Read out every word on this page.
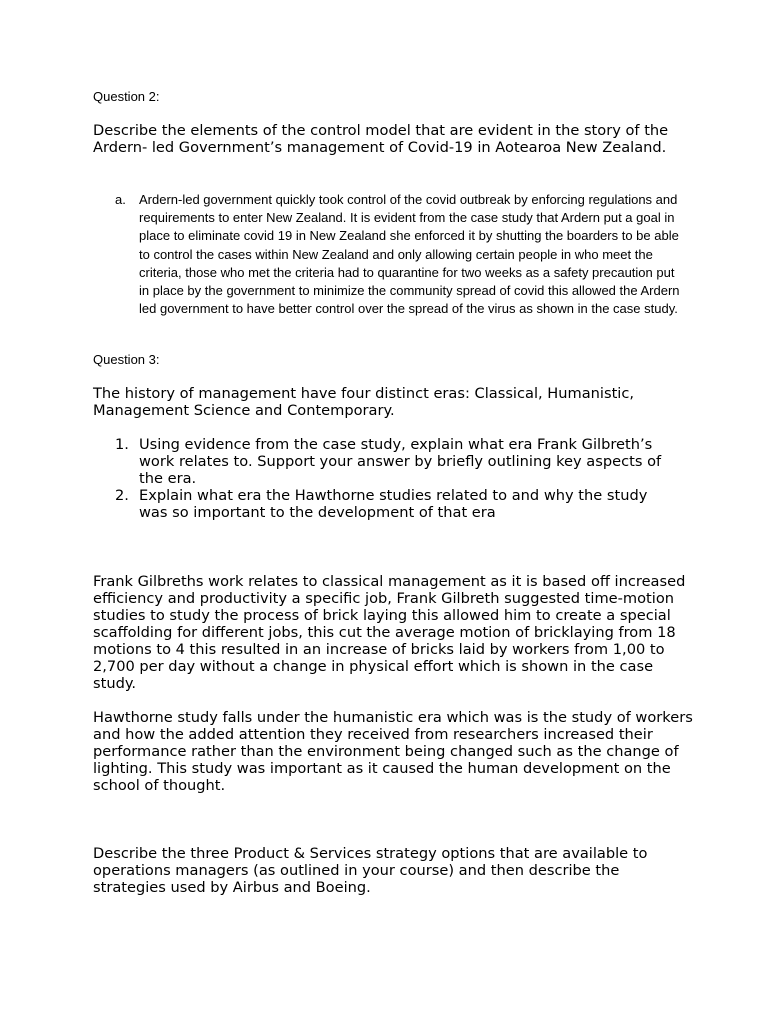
Question 2:

Describe the elements of the control model that are evident in the story of the Ardern- led Government’s management of Covid-19 in Aotearoa New Zealand.

a. Ardern-led government quickly took control of the covid outbreak by enforcing regulations and requirements to enter New Zealand. It is evident from the case study that Ardern put a goal in place to eliminate covid 19 in New Zealand she enforced it by shutting the boarders to be able to control the cases within New Zealand and only allowing certain people in who meet the criteria, those who met the criteria had to quarantine for two weeks as a safety precaution put in place by the government to minimize the community spread of covid this allowed the Ardern led government to have better control over the spread of the virus as shown in the case study.

Question 3:

The history of management have four distinct eras: Classical, Humanistic, Management Science and Contemporary.

1. Using evidence from the case study, explain what era Frank Gilbreth’s work relates to. Support your answer by briefly outlining key aspects of the era.

2. Explain what era the Hawthorne studies related to and why the study was so important to the development of that era

Frank Gilbreths work relates to classical management as it is based off increased efficiency and productivity a specific job, Frank Gilbreth suggested time-motion studies to study the process of brick laying this allowed him to create a special scaffolding for different jobs, this cut the average motion of bricklaying from 18 motions to 4 this resulted in an increase of bricks laid by workers from 1,00 to 2,700 per day without a change in physical effort which is shown in the case study.

Hawthorne study falls under the humanistic era which was is the study of workers and how the added attention they received from researchers increased their performance rather than the environment being changed such as the change of lighting. This study was important as it caused the human development on the school of thought.

Describe the three Product & Services strategy options that are available to operations managers (as outlined in your course) and then describe the strategies used by Airbus and Boeing.
